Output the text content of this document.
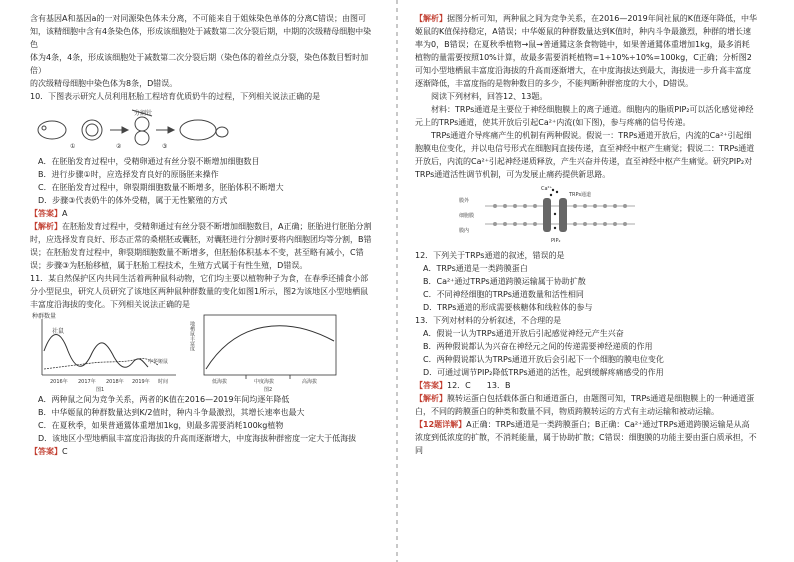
含有基因A和基因a的一对同源染色体未分离，不可能来自于姐妹染色单体的分离C错误；由图可

知，该精细胞中含有4条染色体，形成该细胞处于减数第二次分裂后期，中期的次级精母细胞中染色

体为4条，4条，形成该细胞处于减数第二次分裂后期（染色体的着丝点分裂，染色体数目暂时加倍）

的次级精母细胞中染色体为8条，D错误。

10．下图表示研究人员利用胚胎工程培育优质奶牛的过程，下列相关说法正确的是

分割针
①	②	③

A．在胚胎发育过程中，受精卵通过有丝分裂不断增加细胞数目

B．进行步骤①时，应选择发育良好的原肠胚来操作

C．在胚胎发育过程中，卵裂期细胞数量不断增多，胚胎体积不断增大

D．步骤③代表奶牛的体外受精，属于无性繁殖的方式

【答案】A

【解析】在胚胎发育过程中，受精卵通过有丝分裂不断增加细胞数目，A正确；胚胎进行胚胎分割时，应选择发育良好、形态正常的桑椹胚或囊胚，对囊胚进行分割时要将内细胞团均等分割，B错误；在胚胎发育过程中，卵裂期细胞数量不断增多，但胚胎体积基本不变，甚至略有减小，C错误；步骤③为胚胎移植，属于胚胎工程技术，生殖方式属于有性生殖，D错误。

11．某自然保护区内共同生活着两种鼠科动物，它们均主要以植物种子为食，在春季还捕食小部分小型昆虫，研究人员研究了该地区两种鼠种群数量的变化如图1所示，图2为该地区小型地栖鼠丰富度沿海拔的变化。下列相关说法正确的是

种群数量
社鼠
中华姬鼠
2016年 2017年 2018年 2019年 时间
图1
地栖鼠丰富度
低海拔	中度海拔	高海拔
图2

A．两种鼠之间为竞争关系，两者的K值在2016—2019年间均逐年降低

B．中华姬鼠的种群数量达到K/2值时，种内斗争最激烈，其增长速率也最大

C．在夏秋季，如果普通鵟体重增加1kg，则最多需要消耗100kg植物

D．该地区小型地栖鼠丰富度沿海拔的升高而逐渐增大，中度海拔种群密度一定大于低海拔

【答案】C

【解析】据图分析可知，两种鼠之间为竞争关系，在2016—2019年间社鼠的K值逐年降低，中华姬鼠的K值保持稳定，A错误；中华姬鼠的种群数量达到K值时，种内斗争最激烈，种群的增长速率为0，B错误；在夏秋季植物→鼠→普通鵟这条食物链中，如果普通鵟体重增加1kg，最多消耗植物的量需要按照10%计算，故最多需要消耗植物=1÷10%÷10%=100kg，C正确；分析图2可知小型地栖鼠丰富度沿海拔的升高而逐渐增大，在中度海拔达到最大，海拔进一步升高丰富度逐渐降低，丰富度指的是物种数目的多少，不能判断种群密度的大小，D错误。

阅读下列材料，回答12、13题。

材料：TRPs通道是主要位于神经细胞膜上的离子通道。细胞内的脂质PIP₂可以活化感觉神经元上的TRPs通道，使其开放后引起Ca²⁺内流(如下图)，参与疼痛的信号传递。

TRPs通道介导疼痛产生的机制有两种假说。假说一：TRPs通道开放后，内流的Ca²⁺引起细胞膜电位变化，并以电信号形式在细胞间直接传递，直至神经中枢产生痛觉；假说二：TRPs通道开放后，内流的Ca²⁺引起神经递质释放，产生兴奋并传递，直至神经中枢产生痛觉。研究PIP₂对TRPs通道活性调节机制，可为发展止痛药提供新思路。

Ca²⁺
TRPs通道
膜外
细胞膜
膜内
PIP₂

12．下列关于TRPs通道的叙述，错误的是

A．TRPs通道是一类跨膜蛋白

B．Ca²⁺通过TRPs通道跨膜运输属于协助扩散

C．不同神经细胞的TRPs通道数量和活性相同

D．TRPs通道的形成需要核糖体和线粒体的参与

13．下列对材料的分析叙述，不合理的是

A．假说一认为TRPs通道开放后引起感觉神经元产生兴奋

B．两种假说都认为兴奋在神经元之间的传递需要神经递质的作用

C．两种假说都认为TRPs通道开放后会引起下一个细胞的膜电位变化

D．可通过调节PIP₂降低TRPs通道的活性，起到缓解疼痛感受的作用

【答案】12．C　　13．B

【解析】膜转运蛋白包括载体蛋白和通道蛋白，由题图可知，TRPs通道是细胞膜上的一种通道蛋白，不同的跨膜蛋白的种类和数量不同，物质跨膜转运的方式有主动运输和被动运输。

【12题详解】A正确：TRPs通道是一类跨膜蛋白；B正确：Ca²⁺通过TRPs通道跨膜运输是从高浓度到低浓度的扩散，不消耗能量，属于协助扩散；C错误：细胞膜的功能主要由蛋白质承担，不同
